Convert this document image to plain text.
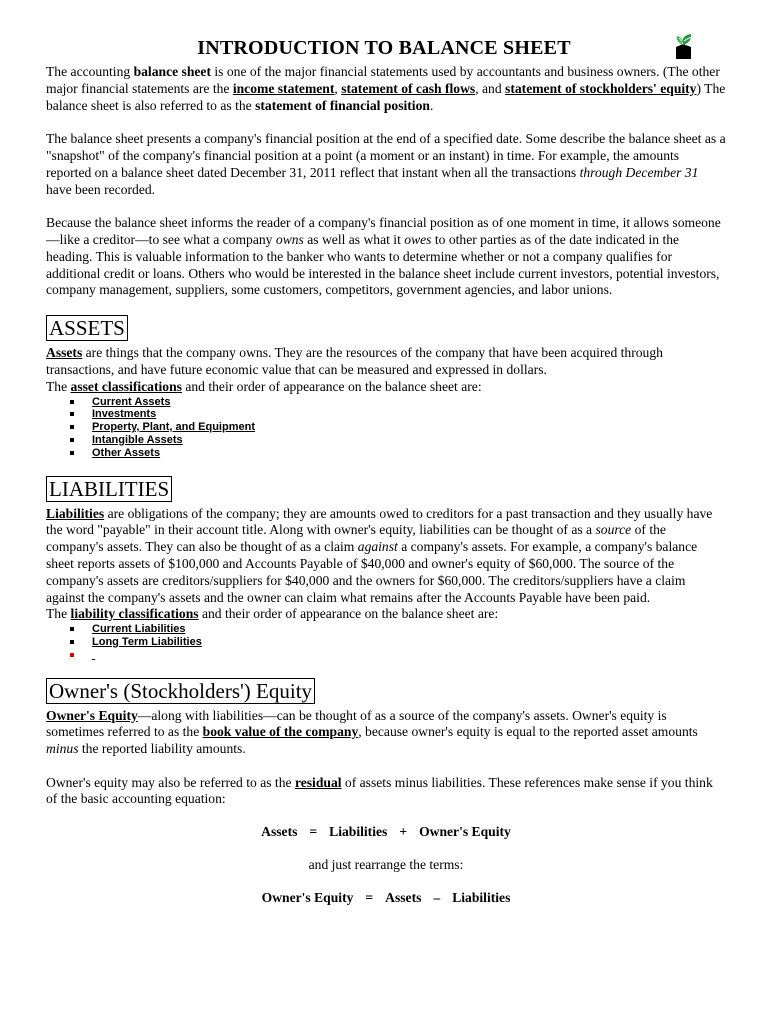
INTRODUCTION TO BALANCE SHEET

The accounting balance sheet is one of the major financial statements used by accountants and business owners. (The other major financial statements are the income statement, statement of cash flows, and statement of stockholders' equity) The balance sheet is also referred to as the statement of financial position.

The balance sheet presents a company's financial position at the end of a specified date. Some describe the balance sheet as a "snapshot" of the company's financial position at a point (a moment or an instant) in time. For example, the amounts reported on a balance sheet dated December 31, 2011 reflect that instant when all the transactions through December 31 have been recorded.

Because the balance sheet informs the reader of a company's financial position as of one moment in time, it allows someone—like a creditor—to see what a company owns as well as what it owes to other parties as of the date indicated in the heading. This is valuable information to the banker who wants to determine whether or not a company qualifies for additional credit or loans. Others who would be interested in the balance sheet include current investors, potential investors, company management, suppliers, some customers, competitors, government agencies, and labor unions.

ASSETS

Assets are things that the company owns. They are the resources of the company that have been acquired through transactions, and have future economic value that can be measured and expressed in dollars.

The asset classifications and their order of appearance on the balance sheet are:

Current Assets
Investments
Property, Plant, and Equipment
Intangible Assets
Other Assets
LIABILITIES

Liabilities are obligations of the company; they are amounts owed to creditors for a past transaction and they usually have the word "payable" in their account title. Along with owner's equity, liabilities can be thought of as a source of the company's assets. They can also be thought of as a claim against a company's assets. For example, a company's balance sheet reports assets of $100,000 and Accounts Payable of $40,000 and owner's equity of $60,000. The source of the company's assets are creditors/suppliers for $40,000 and the owners for $60,000. The creditors/suppliers have a claim against the company's assets and the owner can claim what remains after the Accounts Payable have been paid.

The liability classifications and their order of appearance on the balance sheet are:

Current Liabilities
Long Term Liabilities

Owner's (Stockholders') Equity

Owner's Equity—along with liabilities—can be thought of as a source of the company's assets. Owner's equity is sometimes referred to as the book value of the company, because owner's equity is equal to the reported asset amounts minus the reported liability amounts.

Owner's equity may also be referred to as the residual of assets minus liabilities. These references make sense if you think of the basic accounting equation:

Assets = Liabilities + Owner's Equity

and just rearrange the terms:

Owner's Equity = Assets – Liabilities
